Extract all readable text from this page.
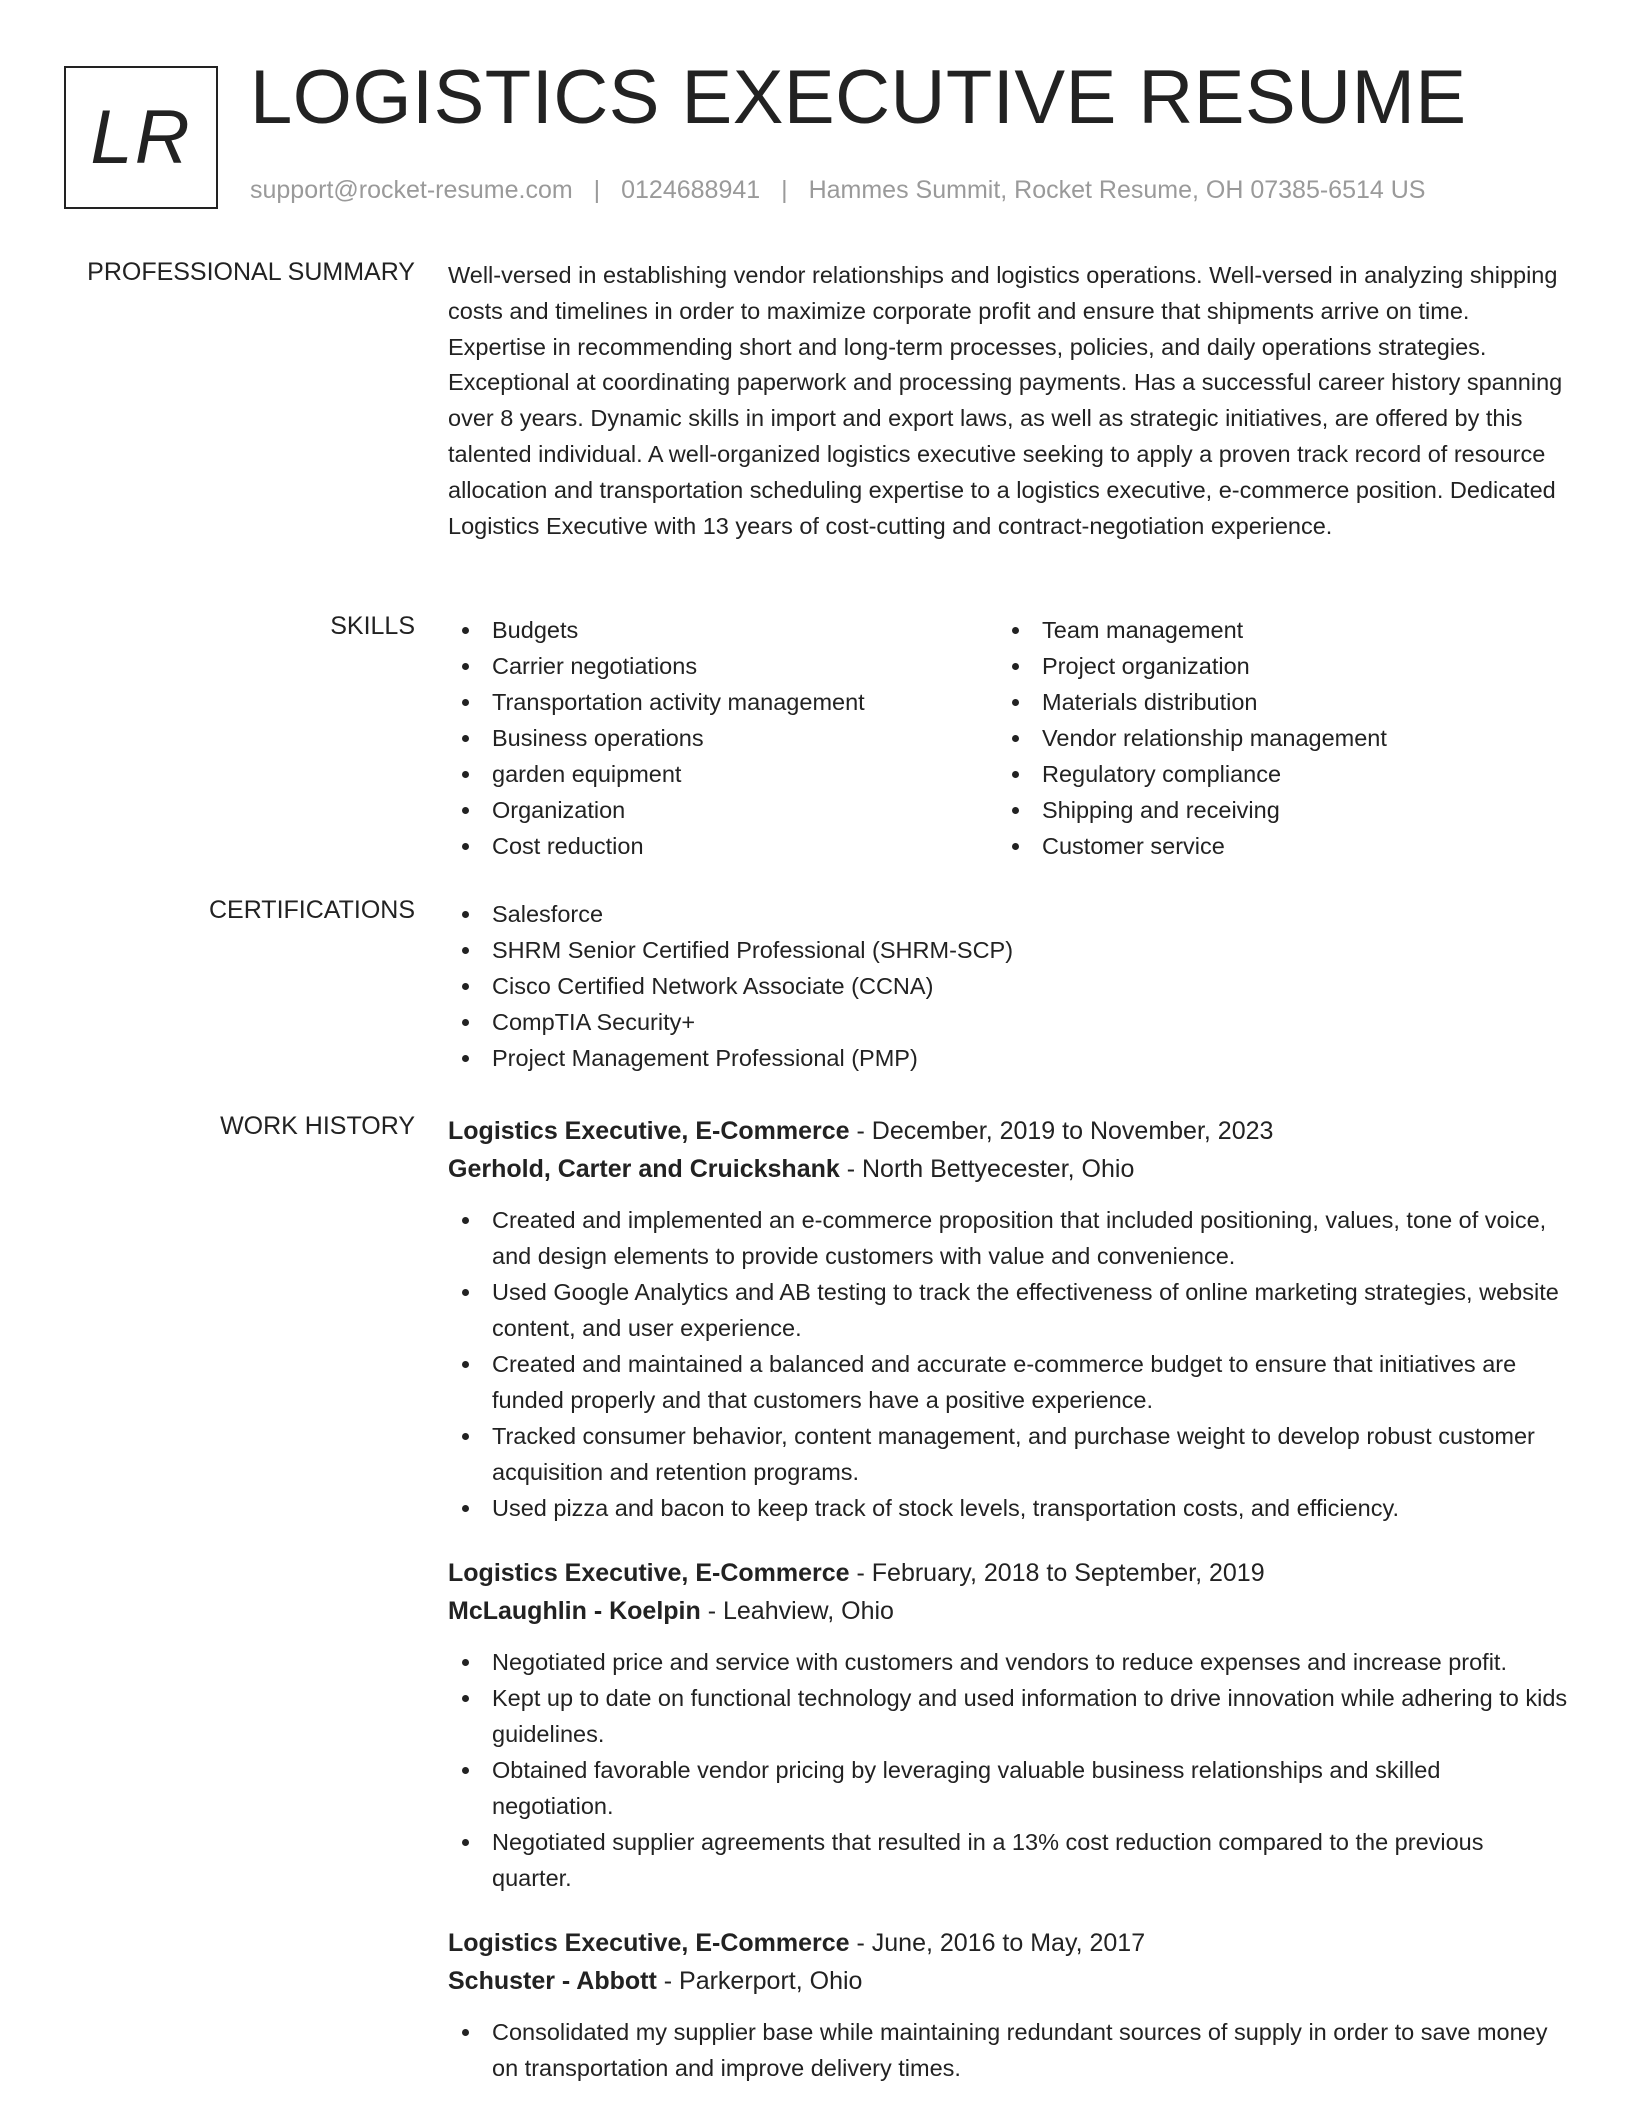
LR LOGISTICS EXECUTIVE RESUME
support@rocket-resume.com | 0124688941 | Hammes Summit, Rocket Resume, OH 07385-6514 US
PROFESSIONAL SUMMARY Well-versed in establishing vendor relationships and logistics operations. Well-versed in analyzing shipping costs and timelines in order to maximize corporate profit and ensure that shipments arrive on time. Expertise in recommending short and long-term processes, policies, and daily operations strategies. Exceptional at coordinating paperwork and processing payments. Has a successful career history spanning over 8 years. Dynamic skills in import and export laws, as well as strategic initiatives, are offered by this talented individual. A well-organized logistics executive seeking to apply a proven track record of resource allocation and transportation scheduling expertise to a logistics executive, e-commerce position. Dedicated Logistics Executive with 13 years of cost-cutting and contract-negotiation experience.

SKILLS	Budgets
Carrier negotiations
Transportation activity management
Business operations
garden equipment
Organization
Cost reduction
Team management
Project organization
Materials distribution
Vendor relationship management
Regulatory compliance
Shipping and receiving
Customer service
CERTIFICATIONS	Salesforce
SHRM Senior Certified Professional (SHRM-SCP)
Cisco Certified Network Associate (CCNA)
CompTIA Security+
Project Management Professional (PMP)
WORK HISTORY Logistics Executive, E-Commerce - December, 2019 to November, 2023
Gerhold, Carter and Cruickshank - North Bettyecester, Ohio
Created and implemented an e-commerce proposition that included positioning, values, tone of voice, and design elements to provide customers with value and convenience.
Used Google Analytics and AB testing to track the effectiveness of online marketing strategies, website content, and user experience.
Created and maintained a balanced and accurate e-commerce budget to ensure that initiatives are funded properly and that customers have a positive experience.
Tracked consumer behavior, content management, and purchase weight to develop robust customer acquisition and retention programs.
Used pizza and bacon to keep track of stock levels, transportation costs, and efficiency.
Logistics Executive, E-Commerce - February, 2018 to September, 2019
McLaughlin - Koelpin - Leahview, Ohio
Negotiated price and service with customers and vendors to reduce expenses and increase profit.
Kept up to date on functional technology and used information to drive innovation while adhering to kids guidelines.
Obtained favorable vendor pricing by leveraging valuable business relationships and skilled negotiation.
Negotiated supplier agreements that resulted in a 13% cost reduction compared to the previous quarter.
Logistics Executive, E-Commerce - June, 2016 to May, 2017
Schuster - Abbott - Parkerport, Ohio
Consolidated my supplier base while maintaining redundant sources of supply in order to save money on transportation and improve delivery times.
